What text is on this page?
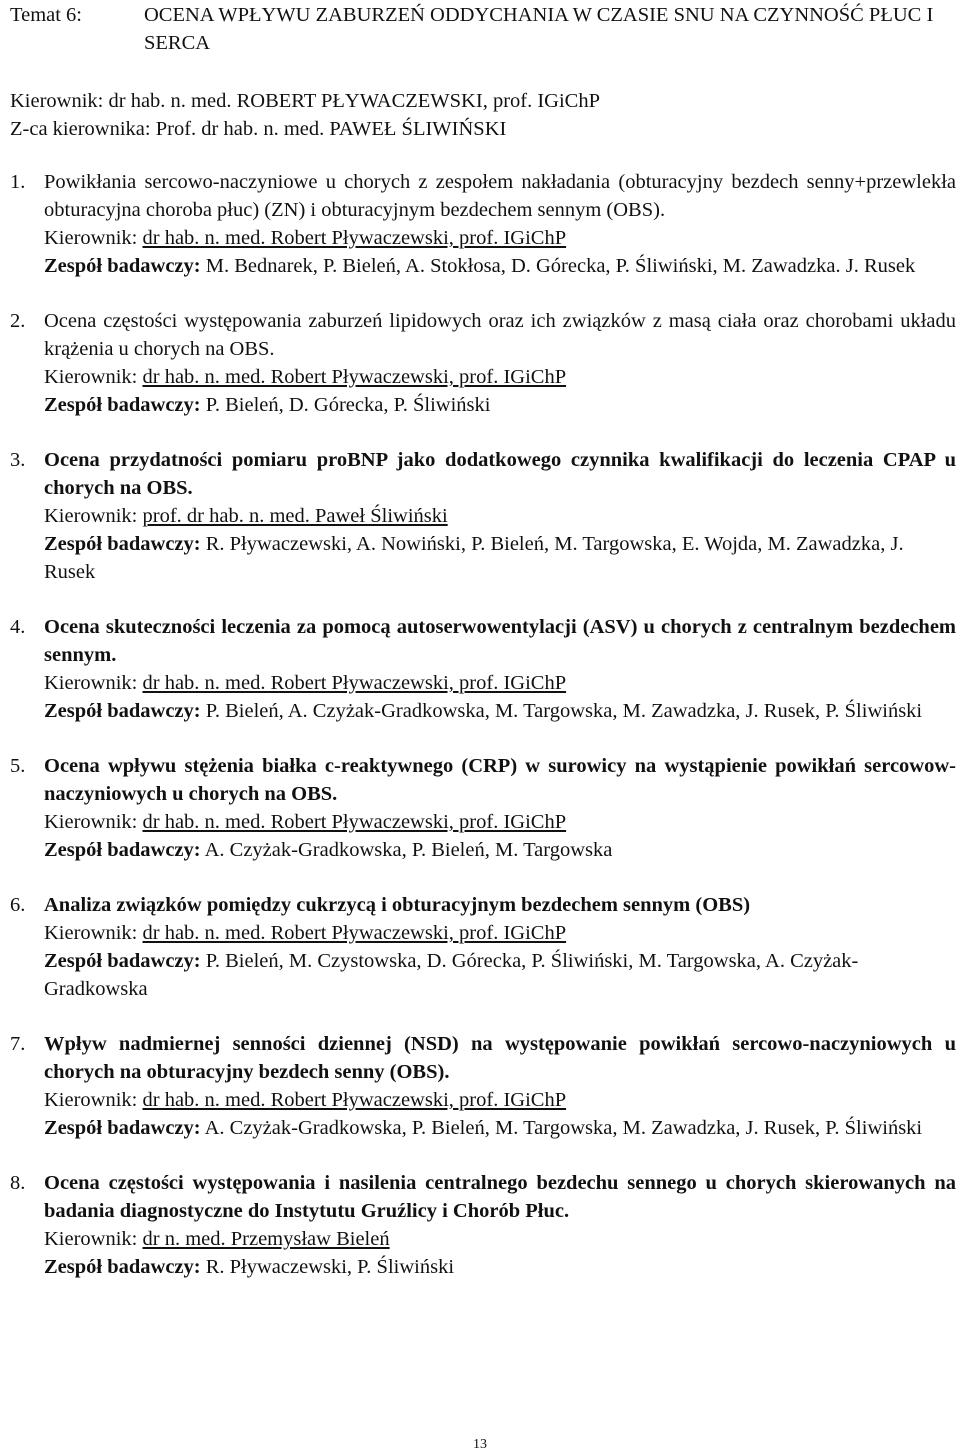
Temat 6:	OCENA WPŁYWU ZABURZEŃ ODDYCHANIA W CZASIE SNU NA CZYNNOŚĆ PŁUC I SERCA
Kierownik: dr hab. n. med. ROBERT PŁYWACZEWSKI, prof. IGiChP
Z-ca kierownika: Prof. dr hab. n. med. PAWEŁ ŚLIWIŃSKI
1. Powikłania sercowo-naczyniowe u chorych z zespołem nakładania (obturacyjny bezdech senny+przewlekła obturacyjna choroba płuc) (ZN) i obturacyjnym bezdechem sennym (OBS).
Kierownik: dr hab. n. med. Robert Pływaczewski, prof. IGiChP
Zespół badawczy: M. Bednarek, P. Bieleń, A. Stokłosa, D. Górecka, P. Śliwiński, M. Zawadzka. J. Rusek
2. Ocena częstości występowania zaburzeń lipidowych oraz ich związków z masą ciała oraz chorobami układu krążenia u chorych na OBS.
Kierownik: dr hab. n. med. Robert Pływaczewski, prof. IGiChP
Zespół badawczy: P. Bieleń, D. Górecka, P. Śliwiński
3. Ocena przydatności pomiaru proBNP jako dodatkowego czynnika kwalifikacji do leczenia CPAP u chorych na OBS.
Kierownik: prof. dr hab. n. med. Paweł Śliwiński
Zespół badawczy: R. Pływaczewski, A. Nowiński, P. Bieleń, M. Targowska, E. Wojda, M. Zawadzka, J. Rusek
4. Ocena skuteczności leczenia za pomocą autoserwowentylacji (ASV) u chorych z centralnym bezdechem sennym.
Kierownik: dr hab. n. med. Robert Pływaczewski, prof. IGiChP
Zespół badawczy: P. Bieleń, A. Czyżak-Gradkowska, M. Targowska, M. Zawadzka, J. Rusek, P. Śliwiński
5. Ocena wpływu stężenia białka c-reaktywnego (CRP) w surowicy na wystąpienie powikłań sercowow-naczyniowych u chorych na OBS.
Kierownik: dr hab. n. med. Robert Pływaczewski, prof. IGiChP
Zespół badawczy: A. Czyżak-Gradkowska, P. Bieleń, M. Targowska
6. Analiza związków pomiędzy cukrzycą i obturacyjnym bezdechem sennym (OBS)
Kierownik: dr hab. n. med. Robert Pływaczewski, prof. IGiChP
Zespół badawczy: P. Bieleń, M. Czystowska, D. Górecka, P. Śliwiński, M. Targowska, A. Czyżak-Gradkowska
7. Wpływ nadmiernej senności dziennej (NSD) na występowanie powikłań sercowo-naczyniowych u chorych na obturacyjny bezdech senny (OBS).
Kierownik: dr hab. n. med. Robert Pływaczewski, prof. IGiChP
Zespół badawczy: A. Czyżak-Gradkowska, P. Bieleń, M. Targowska, M. Zawadzka, J. Rusek, P. Śliwiński
8. Ocena częstości występowania i nasilenia centralnego bezdechu sennego u chorych skierowanych na badania diagnostyczne do Instytutu Gruźlicy i Chorób Płuc.
Kierownik: dr n. med. Przemysław Bieleń
Zespół badawczy: R. Pływaczewski, P. Śliwiński
13
